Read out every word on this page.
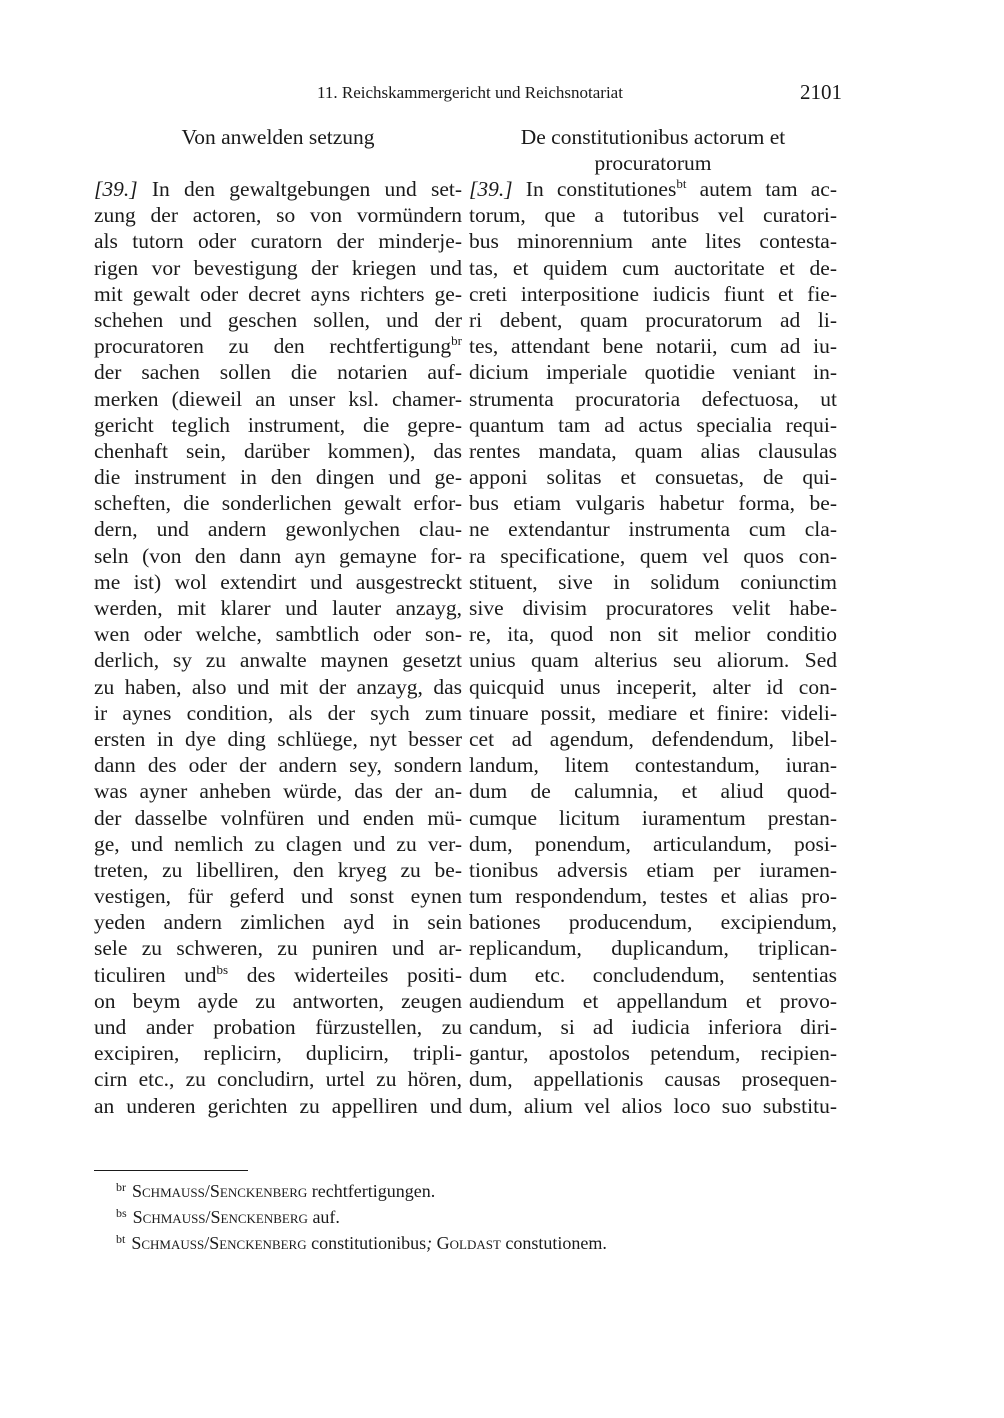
11. Reichskammergericht und Reichsnotariat	2101
Von anwelden setzung
[39.] In den gewaltgebungen und set-
zung der actoren, so von vormündern
als tutorn oder curatorn der minderje-
rigen vor bevestigung der kriegen und
mit gewalt oder decret ayns richters ge-
schehen und geschen sollen, und der
procuratoren zu den rechtfertigung$^{br}$
der sachen sollen die notarien auf-
merken (dieweil an unser ksl. chamer-
gericht teglich instrument, die gepre-
chenhaft sein, darüber kommen), das
die instrument in den dingen und ge-
scheften, die sonderlichen gewalt erfor-
dern, und andern gewonlychen clau-
seln (von den dann ayn gemayne for-
me ist) wol extendirt und ausgestreckt
werden, mit klarer und lauter anzayg,
wen oder welche, sambtlich oder son-
derlich, sy zu anwalte maynen gesetzt
zu haben, also und mit der anzayg, das
ir aynes condition, als der sych zum
ersten in dye ding schlüege, nyt besser
dann des oder der andern sey, sondern
was ayner anheben würde, das der an-
der dasselbe volnfüren und enden mü-
ge, und nemlich zu clagen und zu ver-
treten, zu libelliren, den kryeg zu be-
vestigen, für geferd und sonst eynen
yeden andern zimlichen ayd in sein
sele zu schweren, zu puniren und ar-
ticuliren und$^{bs}$ des widerteiles positi-
on beym ayde zu antworten, zeugen
und ander probation fürzustellen, zu
excipiren, replicirn, duplicirn, tripli-
cirn etc., zu concludirn, urtel zu hören,
an underen gerichten zu appelliren und
De constitutionibus actorum et
procuratorum
[39.] In constitutiones$^{bt}$ autem tam ac-
torum, que a tutoribus vel curatori-
bus minorennium ante lites contesta-
tas, et quidem cum auctoritate et de-
creti interpositione iudicis fiunt et fie-
ri debent, quam procuratorum ad li-
tes, attendant bene notarii, cum ad iu-
dicium imperiale quotidie veniant in-
strumenta procuratoria defectuosa, ut
quantum tam ad actus specialia requi-
rentes mandata, quam alias clausulas
apponi solitas et consuetas, de qui-
bus etiam vulgaris habetur forma, be-
ne extendantur instrumenta cum cla-
ra specificatione, quem vel quos con-
stituent, sive in solidum coniunctim
sive divisim procuratores velit habe-
re, ita, quod non sit melior conditio
unius quam alterius seu aliorum. Sed
quicquid unus inceperit, alter id con-
tinuare possit, mediare et finire: videli-
cet ad agendum, defendendum, libel-
landum, litem contestandum, iuran-
dum de calumnia, et aliud quod-
cumque licitum iuramentum prestan-
dum, ponendum, articulandum, posi-
tionibus adversis etiam per iuramen-
tum respondendum, testes et alias pro-
bationes producendum, excipiendum,
replicandum, duplicandum, triplican-
dum etc. concludendum, sententias
audiendum et appellandum et provo-
candum, si ad iudicia inferiora diri-
gantur, apostolos petendum, recipien-
dum, appellationis causas prosequen-
dum, alium vel alios loco suo substitu-
$^{br}$ Schmauss/Senckenberg rechtfertigungen.
$^{bs}$ Schmauss/Senckenberg auf.
$^{bt}$ Schmauss/Senckenberg constitutionibus; Goldast constutionem.
